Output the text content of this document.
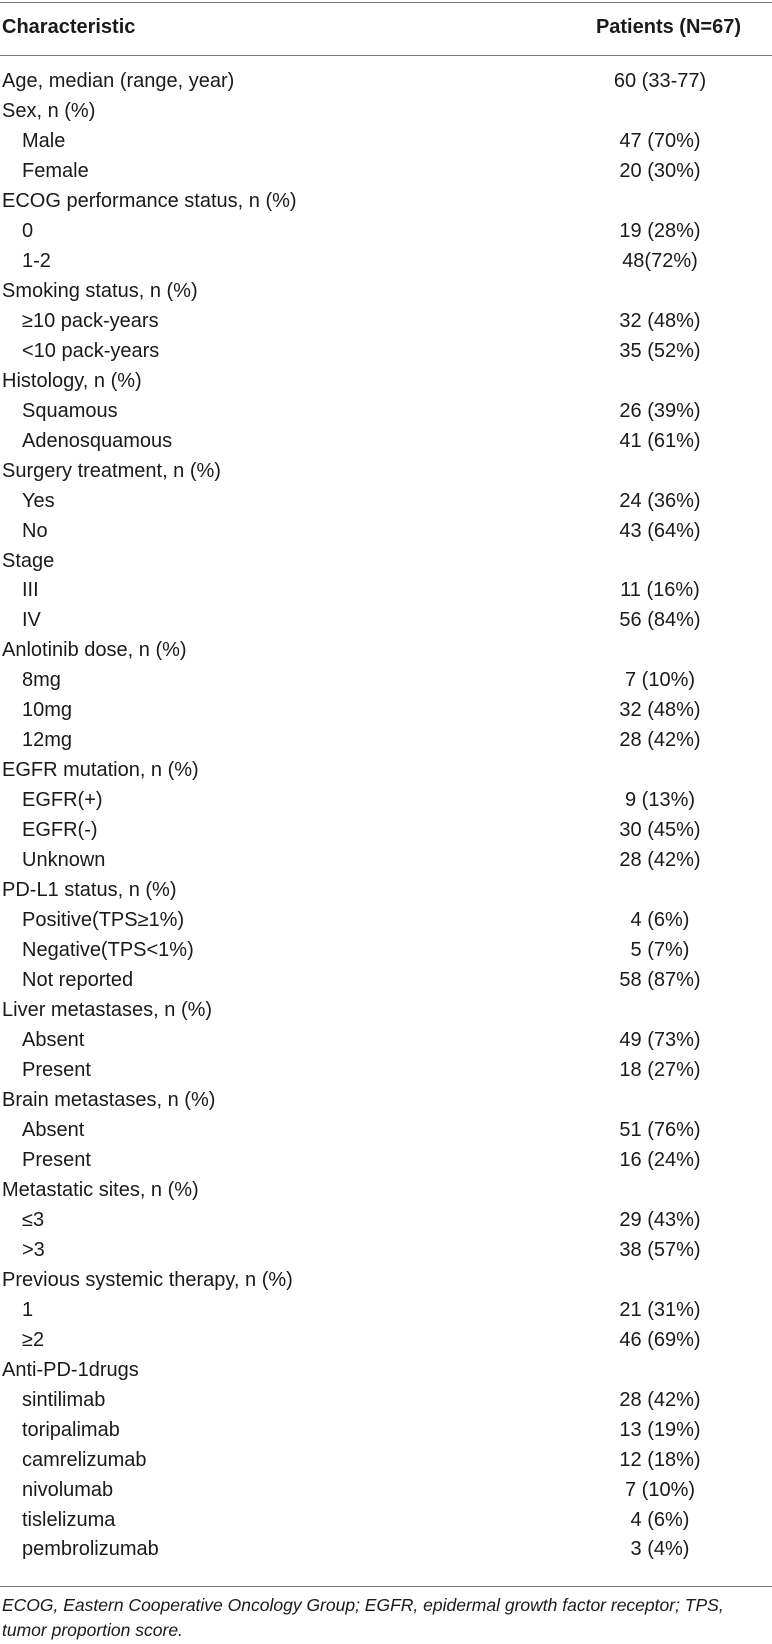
Characteristic	Patients (N=67)
Age, median (range, year)	60 (33-77)
Sex, n (%)
Male	47 (70%)
Female	20 (30%)
ECOG performance status, n (%)
0	19 (28%)
1-2	48(72%)
Smoking status, n (%)
≥10 pack-years	32 (48%)
<10 pack-years	35 (52%)
Histology, n (%)
Squamous	26 (39%)
Adenosquamous	41 (61%)
Surgery treatment, n (%)
Yes	24 (36%)
No	43 (64%)
Stage
III	11 (16%)
IV	56 (84%)
Anlotinib dose, n (%)
8mg	7 (10%)
10mg	32 (48%)
12mg	28 (42%)
EGFR mutation, n (%)
EGFR(+)	9 (13%)
EGFR(-)	30 (45%)
Unknown	28 (42%)
PD-L1 status, n (%)
Positive(TPS≥1%)	4 (6%)
Negative(TPS<1%)	5 (7%)
Not reported	58 (87%)
Liver metastases, n (%)
Absent	49 (73%)
Present	18 (27%)
Brain metastases, n (%)
Absent	51 (76%)
Present	16 (24%)
Metastatic sites, n (%)
≤3	29 (43%)
>3	38 (57%)
Previous systemic therapy, n (%)
1	21 (31%)
≥2	46 (69%)
Anti-PD-1drugs
sintilimab	28 (42%)
toripalimab	13 (19%)
camrelizumab	12 (18%)
nivolumab	7 (10%)
tislelizuma	4 (6%)
pembrolizumab	3 (4%)
ECOG, Eastern Cooperative Oncology Group; EGFR, epidermal growth factor receptor; TPS, tumor proportion score.
